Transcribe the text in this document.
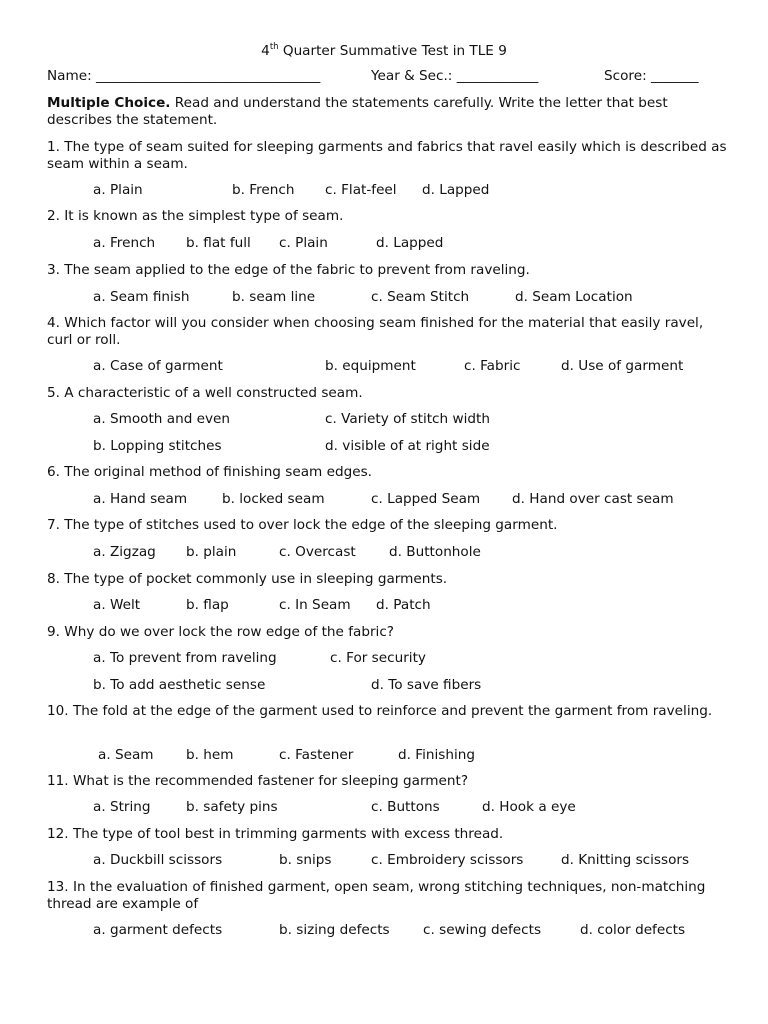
4th Quarter Summative Test in TLE 9
Name: _________________________________	Year & Sec.: ____________	Score: _______
Multiple Choice. Read and understand the statements carefully. Write the letter that best describes the statement.
1. The type of seam suited for sleeping garments and fabrics that ravel easily which is described as seam within a seam.
a. Plain	b. French c. Flat-feel d. Lapped
2. It is known as the simplest type of seam.
a. French b. flat full c. Plain	d. Lapped
3. The seam applied to the edge of the fabric to prevent from raveling.
a. Seam finish	b. seam line	c. Seam Stitch	d. Seam Location
4. Which factor will you consider when choosing seam finished for the material that easily ravel, curl or roll.
a. Case of garment	b. equipment	c. Fabric	d. Use of garment
5. A characteristic of a well constructed seam.
a. Smooth and even	c. Variety of stitch width
b. Lopping stitches	d. visible of at right side
6. The original method of finishing seam edges.
a. Hand seam	b. locked seam	c. Lapped Seam d. Hand over cast seam
7. The type of stitches used to over lock the edge of the sleeping garment.
a. Zigzag b. plain	c. Overcast d. Buttonhole
8. The type of pocket commonly use in sleeping garments.
a. Welt	b. flap	c. In Seam d. Patch
9. Why do we over lock the row edge of the fabric?
a. To prevent from raveling	c. For security
b. To add aesthetic sense	d. To save fibers
10. The fold at the edge of the garment used to reinforce and prevent the garment from raveling.
a. Seam b. hem	c. Fastener	d. Finishing
11. What is the recommended fastener for sleeping garment?
a. String	b. safety pins	c. Buttons	d. Hook a eye
12. The type of tool best in trimming garments with excess thread.
a. Duckbill scissors	b. snips	c. Embroidery scissors	d. Knitting scissors
13. In the evaluation of finished garment, open seam, wrong stitching techniques, non-matching thread are example of
a. garment defects	b. sizing defects c. sewing defects	d. color defects
